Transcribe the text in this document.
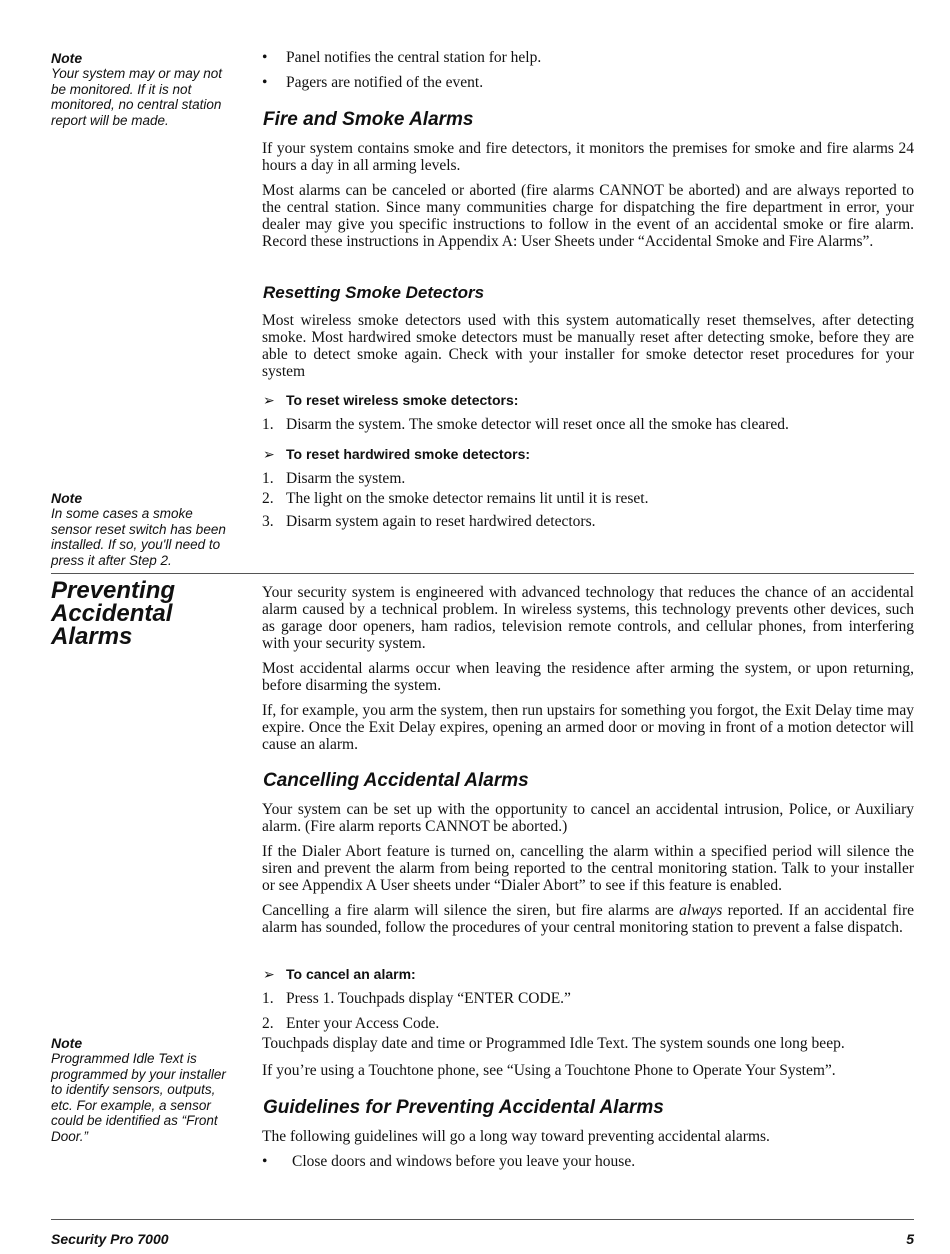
Note
Your system may or may not be monitored. If it is not monitored, no central station report will be made.
Note
In some cases a smoke sensor reset switch has been installed. If so, you'll need to press it after Step 2.
Note
Programmed Idle Text is programmed by your installer to identify sensors, outputs, etc. For example, a sensor could be identified as “Front Door.”
• Panel notifies the central station for help.
• Pagers are notified of the event.
Fire and Smoke Alarms

If your system contains smoke and fire detectors, it monitors the premises for smoke and fire alarms 24 hours a day in all arming levels.

Most alarms can be canceled or aborted (fire alarms CANNOT be aborted) and are always reported to the central station. Since many communities charge for dispatching the fire department in error, your dealer may give you specific instructions to follow in the event of an accidental smoke or fire alarm. Record these instructions in Appendix A: User Sheets under “Accidental Smoke and Fire Alarms”.

Resetting Smoke Detectors

Most wireless smoke detectors used with this system automatically reset themselves, after detecting smoke. Most hardwired smoke detectors must be manually reset after detecting smoke, before they are able to detect smoke again. Check with your installer for smoke detector reset procedures for your system

➢ To reset wireless smoke detectors:
1. Disarm the system. The smoke detector will reset once all the smoke has cleared.
➢ To reset hardwired smoke detectors:
1. Disarm the system.
2. The light on the smoke detector remains lit until it is reset.
3. Disarm system again to reset hardwired detectors.
Preventing
Accidental
Alarms

Your security system is engineered with advanced technology that reduces the chance of an accidental alarm caused by a technical problem. In wireless systems, this technology prevents other devices, such as garage door openers, ham radios, television remote controls, and cellular phones, from interfering with your security system.

Most accidental alarms occur when leaving the residence after arming the system, or upon returning, before disarming the system.

If, for example, you arm the system, then run upstairs for something you forgot, the Exit Delay time may expire. Once the Exit Delay expires, opening an armed door or moving in front of a motion detector will cause an alarm.

Cancelling Accidental Alarms

Your system can be set up with the opportunity to cancel an accidental intrusion, Police, or Auxiliary alarm. (Fire alarm reports CANNOT be aborted.)

If the Dialer Abort feature is turned on, cancelling the alarm within a specified period will silence the siren and prevent the alarm from being reported to the central monitoring station. Talk to your installer or see Appendix A User sheets under “Dialer Abort” to see if this feature is enabled.

Cancelling a fire alarm will silence the siren, but fire alarms are always reported. If an accidental fire alarm has sounded, follow the procedures of your central monitoring station to prevent a false dispatch.

➢ To cancel an alarm:
1. Press 1. Touchpads display “ENTER CODE.”
2. Enter your Access Code.

Touchpads display date and time or Programmed Idle Text. The system sounds one long beep.

If you’re using a Touchtone phone, see “Using a Touchtone Phone to Operate Your System”.

Guidelines for Preventing Accidental Alarms

The following guidelines will go a long way toward preventing accidental alarms.

• Close doors and windows before you leave your house.
Security Pro 7000	5
